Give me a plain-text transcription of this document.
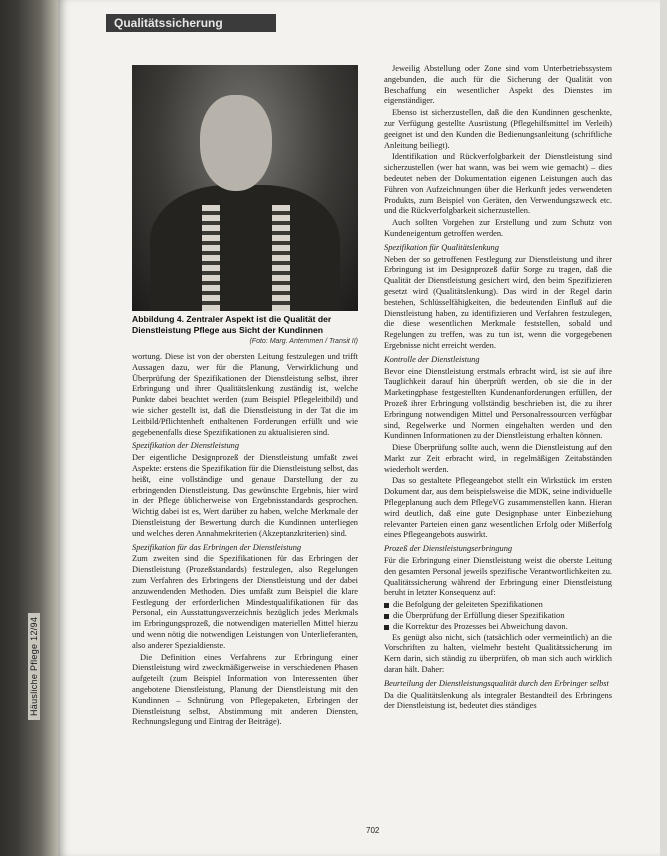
Häusliche Pflege 12/94
Qualitätssicherung
Abbildung 4. Zentraler Aspekt ist die Qualität der Dienstleistung Pflege aus Sicht der Kundinnen
(Foto: Marg. Antemmen / Transit II)

wortung. Diese ist von der obersten Leitung festzulegen und trifft Aussagen dazu, wer für die Planung, Verwirklichung und Überprüfung der Spezifikationen der Dienstleistung selbst, ihrer Erbringung und ihrer Qualitätslenkung zuständig ist, welche Punkte dabei beachtet werden (zum Beispiel Pflegeleitbild) und wie sicher gestellt ist, daß die Dienstleistung in der Tat die im Leitbild/Pflichtenheft enthaltenen Forderungen erfüllt und wie gegebenenfalls diese Spezifikationen zu aktualisieren sind.

Spezifikation der Dienstleistung

Der eigentliche Designprozeß der Dienstleistung umfaßt zwei Aspekte: erstens die Spezifikation für die Dienstleistung selbst, das heißt, eine vollständige und genaue Darstellung der zu erbringenden Dienstleistung. Das gewünschte Ergebnis, hier wird in der Pflege üblicherweise von Ergebnisstandards gesprochen. Wichtig dabei ist es, Wert darüber zu haben, welche Merkmale der Dienstleistung der Bewertung durch die Kundinnen unterliegen und welches deren Annahmekriterien (Akzeptanzkriterien) sind.

Spezifikation für das Erbringen der Dienstleistung

Zum zweiten sind die Spezifikationen für das Erbringen der Dienstleistung (Prozeßstandards) festzulegen, also Regelungen zum Verfahren des Erbringens der Dienstleistung und der dabei anzuwendenden Methoden. Dies umfaßt zum Beispiel die klare Festlegung der erforderlichen Mindestqualifikationen für das Personal, ein Ausstattungsverzeichnis bezüglich jedes Merkmals im Erbringungsprozeß, die notwendigen materiellen Mittel hierzu und wenn nötig die notwendigen Leistungen von Unterlieferanten, also anderer Spezialdienste.

Die Definition eines Verfahrens zur Erbringung einer Dienstleistung wird zweckmäßigerweise in verschiedenen Phasen aufgeteilt (zum Beispiel Information von Interessenten über angebotene Dienstleistung, Planung der Dienstleistung mit den Kundinnen – Schnürung von Pflegepaketen, Erbringen der Dienstleistung selbst, Abstimmung mit anderen Diensten, Rechnungslegung und Eintrag der Beiträge).

Jeweilig Abstellung oder Zone sind vom Unterbetriebssystem angebunden, die auch für die Sicherung der Qualität von Beschaffung ein wesentlicher Aspekt des Dienstes im eigenständiger.

Ebenso ist sicherzustellen, daß die den Kundinnen geschenkte, zur Verfügung gestellte Ausrüstung (Pflegehilfsmittel im Verleih) geeignet ist und den Kunden die Bedienungsanleitung (schriftliche Anleitung beiliegt).

Identifikation und Rückverfolgbarkeit der Dienstleistung sind sicherzustellen (wer hat wann, was bei wem wie gemacht) – dies bedeutet neben der Dokumentation eigenen Leistungen auch das Führen von Aufzeichnungen über die Herkunft jedes verwendeten Produkts, zum Beispiel von Geräten, den Verwendungszweck etc. und die Rückverfolgbarkeit sicherzustellen.

Auch sollten Vorgehen zur Erstellung und zum Schutz von Kundeneigentum getroffen werden.

Spezifikation für Qualitätslenkung

Neben der so getroffenen Festlegung zur Dienstleistung und ihrer Erbringung ist im Designprozeß dafür Sorge zu tragen, daß die Qualität der Dienstleistung gesichert wird, den beim Spezifizieren gesetzt wird (Qualitätslenkung). Das wird in der Regel darin bestehen, Schlüsselfähigkeiten, die bedeutenden Einfluß auf die Dienstleistung haben, zu identifizieren und Verfahren festzulegen, die diese wesentlichen Merkmale feststellen, sobald und Regelungen zu treffen, was zu tun ist, wenn die vorgegebenen Ergebnisse nicht erreicht werden.

Kontrolle der Dienstleistung

Bevor eine Dienstleistung erstmals erbracht wird, ist sie auf ihre Tauglichkeit darauf hin überprüft werden, ob sie die in der Marketingphase festgestellten Kundenanforderungen erfüllen, der Prozeß ihrer Erbringung vollständig beschrieben ist, die zu ihrer Erbringung notwendigen Mittel und Personalressourcen verfügbar sind, Regelwerke und Normen eingehalten werden und den Kundinnen Informationen zu der Dienstleistung erhalten können.

Diese Überprüfung sollte auch, wenn die Dienstleistung auf den Markt zur Zeit erbracht wird, in regelmäßigen Zeitabständen wiederholt werden.

Das so gestaltete Pflegeangebot stellt ein Wirkstück im ersten Dokument dar, aus dem beispielsweise die MDK, seine individuelle Pflegeplanung auch dem PflegeVG zusammenstellen kann. Hieran wird deutlich, daß eine gute Designphase unter Einbeziehung relevanter Parteien einen ganz wesentlichen Erfolg oder Mißerfolg eines Pflegeangebots auswirkt.

Prozeß der Dienstleistungserbringung

Für die Erbringung einer Dienstleistung weist die oberste Leitung den gesamten Personal jeweils spezifische Verantwortlichkeiten zu. Qualitätssicherung während der Erbringung einer Dienstleistung beruht in letzter Konsequenz auf:

die Befolgung der geleiteten Spezifikationen
die Überprüfung der Erfüllung dieser Spezifikation
die Korrektur des Prozesses bei Abweichung davon.

Es genügt also nicht, sich (tatsächlich oder vermeintlich) an die Vorschriften zu halten, vielmehr besteht Qualitätssicherung im Kern darin, sich ständig zu überprüfen, ob man sich auch wirklich daran hält. Daher:

Beurteilung der Dienstleistungsqualität durch den Erbringer selbst

Da die Qualitätslenkung als integraler Bestandteil des Erbringens der Dienstleistung ist, bedeutet dies ständiges

702
